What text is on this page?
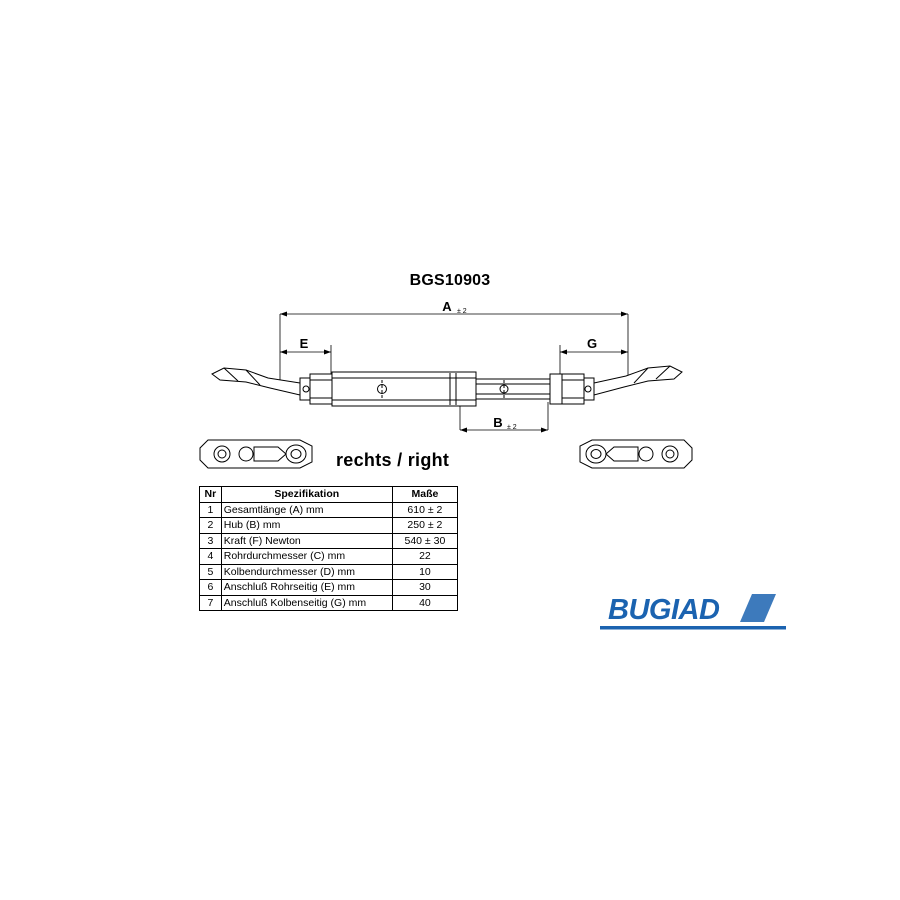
BGS10903
A ± 2
E	G
B ± 2
rechts / right
Nr	Spezifikation	Maße
1	Gesamtlänge (A) mm	610 ± 2
2	Hub (B) mm	250 ± 2
3	Kraft (F) Newton	540 ± 30
4	Rohrdurchmesser (C) mm	22
5	Kolbendurchmesser (D) mm	10
6	Anschluß Rohrseitig (E) mm	30
7	Anschluß Kolbenseitig (G) mm	40	BUGIAD
